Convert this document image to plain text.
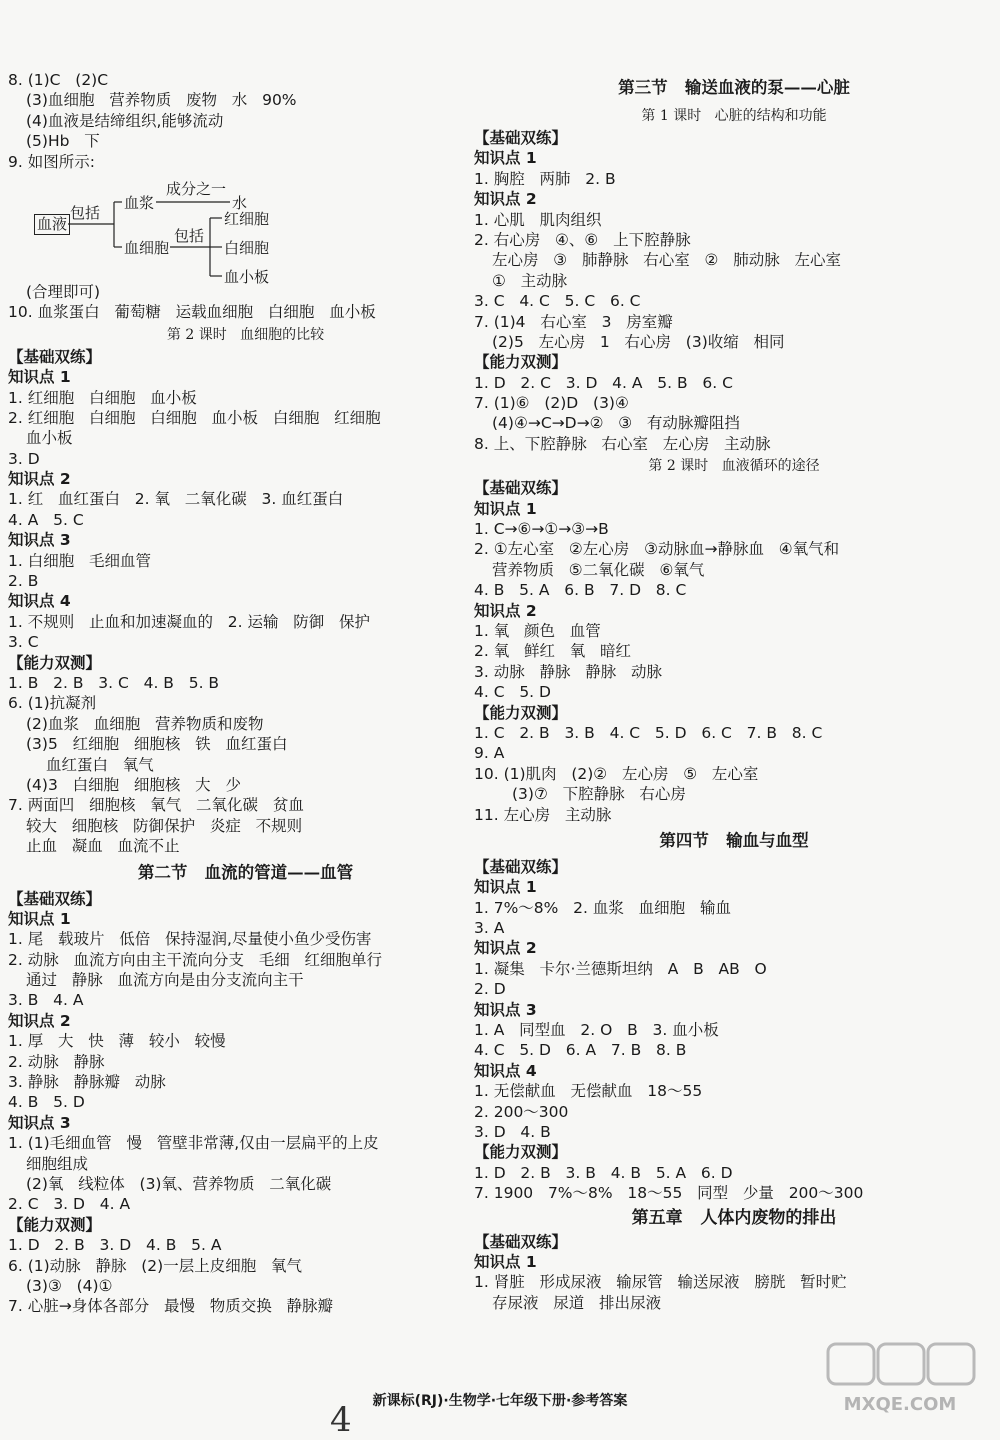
8. (1)C   (2)C
(3)血细胞   营养物质   废物   水   90%
(4)血液是结缔组织,能够流动
(5)Hb   下
9. 如图所示:
血液
包括
血浆
成分之一
水
血细胞
包括
红细胞
白细胞
血小板
(合理即可)
10. 血浆蛋白   葡萄糖   运载血细胞   白细胞   血小板
第 2 课时   血细胞的比较
【基础双练】
知识点 1
1. 红细胞   白细胞   血小板
2. 红细胞   白细胞   白细胞   血小板   白细胞   红细胞
血小板
3. D
知识点 2
1. 红   血红蛋白   2. 氧   二氧化碳   3. 血红蛋白
4. A   5. C
知识点 3
1. 白细胞   毛细血管
2. B
知识点 4
1. 不规则   止血和加速凝血的   2. 运输   防御   保护
3. C
【能力双测】
1. B   2. B   3. C   4. B   5. B
6. (1)抗凝剂
(2)血浆   血细胞   营养物质和废物
(3)5   红细胞   细胞核   铁   血红蛋白
血红蛋白   氧气
(4)3   白细胞   细胞核   大   少
7. 两面凹   细胞核   氧气   二氧化碳   贫血
较大   细胞核   防御保护   炎症   不规则
止血   凝血   血流不止
第二节   血流的管道——血管
【基础双练】
知识点 1
1. 尾   载玻片   低倍   保持湿润,尽量使小鱼少受伤害
2. 动脉   血流方向由主干流向分支   毛细   红细胞单行
通过   静脉   血流方向是由分支流向主干
3. B   4. A
知识点 2
1. 厚   大   快   薄   较小   较慢
2. 动脉   静脉
3. 静脉   静脉瓣   动脉
4. B   5. D
知识点 3
1. (1)毛细血管   慢   管壁非常薄,仅由一层扁平的上皮
细胞组成
(2)氧   线粒体   (3)氧、营养物质   二氧化碳
2. C   3. D   4. A
【能力双测】
1. D   2. B   3. D   4. B   5. A
6. (1)动脉   静脉   (2)一层上皮细胞   氧气
(3)③   (4)①
7. 心脏→身体各部分   最慢   物质交换   静脉瓣
第三节   输送血液的泵——心脏
第 1 课时   心脏的结构和功能
【基础双练】
知识点 1
1. 胸腔   两肺   2. B
知识点 2
1. 心肌   肌肉组织
2. 右心房   ④、⑥   上下腔静脉
左心房   ③   肺静脉   右心室   ②   肺动脉   左心室
①   主动脉
3. C   4. C   5. C   6. C
7. (1)4   右心室   3   房室瓣
(2)5   左心房   1   右心房   (3)收缩   相同
【能力双测】
1. D   2. C   3. D   4. A   5. B   6. C
7. (1)⑥   (2)D   (3)④
(4)④→C→D→②   ③   有动脉瓣阻挡
8. 上、下腔静脉   右心室   左心房   主动脉
第 2 课时   血液循环的途径
【基础双练】
知识点 1
1. C→⑥→①→③→B
2. ①左心室   ②左心房   ③动脉血→静脉血   ④氧气和
营养物质   ⑤二氧化碳   ⑥氧气
4. B   5. A   6. B   7. D   8. C
知识点 2
1. 氧   颜色   血管
2. 氧   鲜红   氧   暗红
3. 动脉   静脉   静脉   动脉
4. C   5. D
【能力双测】
1. C   2. B   3. B   4. C   5. D   6. C   7. B   8. C
9. A
10. (1)肌肉   (2)②   左心房   ⑤   左心室
(3)⑦   下腔静脉   右心房
11. 左心房   主动脉
第四节   输血与血型
【基础双练】
知识点 1
1. 7%～8%   2. 血浆   血细胞   输血
3. A
知识点 2
1. 凝集   卡尔·兰德斯坦纳   A   B   AB   O
2. D
知识点 3
1. A   同型血   2. O   B   3. 血小板
4. C   5. D   6. A   7. B   8. B
知识点 4
1. 无偿献血   无偿献血   18～55
2. 200～300
3. D   4. B
【能力双测】
1. D   2. B   3. B   4. B   5. A   6. D
7. 1900   7%～8%   18～55   同型   少量   200～300
第五章   人体内废物的排出
【基础双练】
知识点 1
1. 肾脏   形成尿液   输尿管   输送尿液   膀胱   暂时贮
存尿液   尿道   排出尿液
新课标(RJ)·生物学·七年级下册·参考答案
4	MXQE.COM
